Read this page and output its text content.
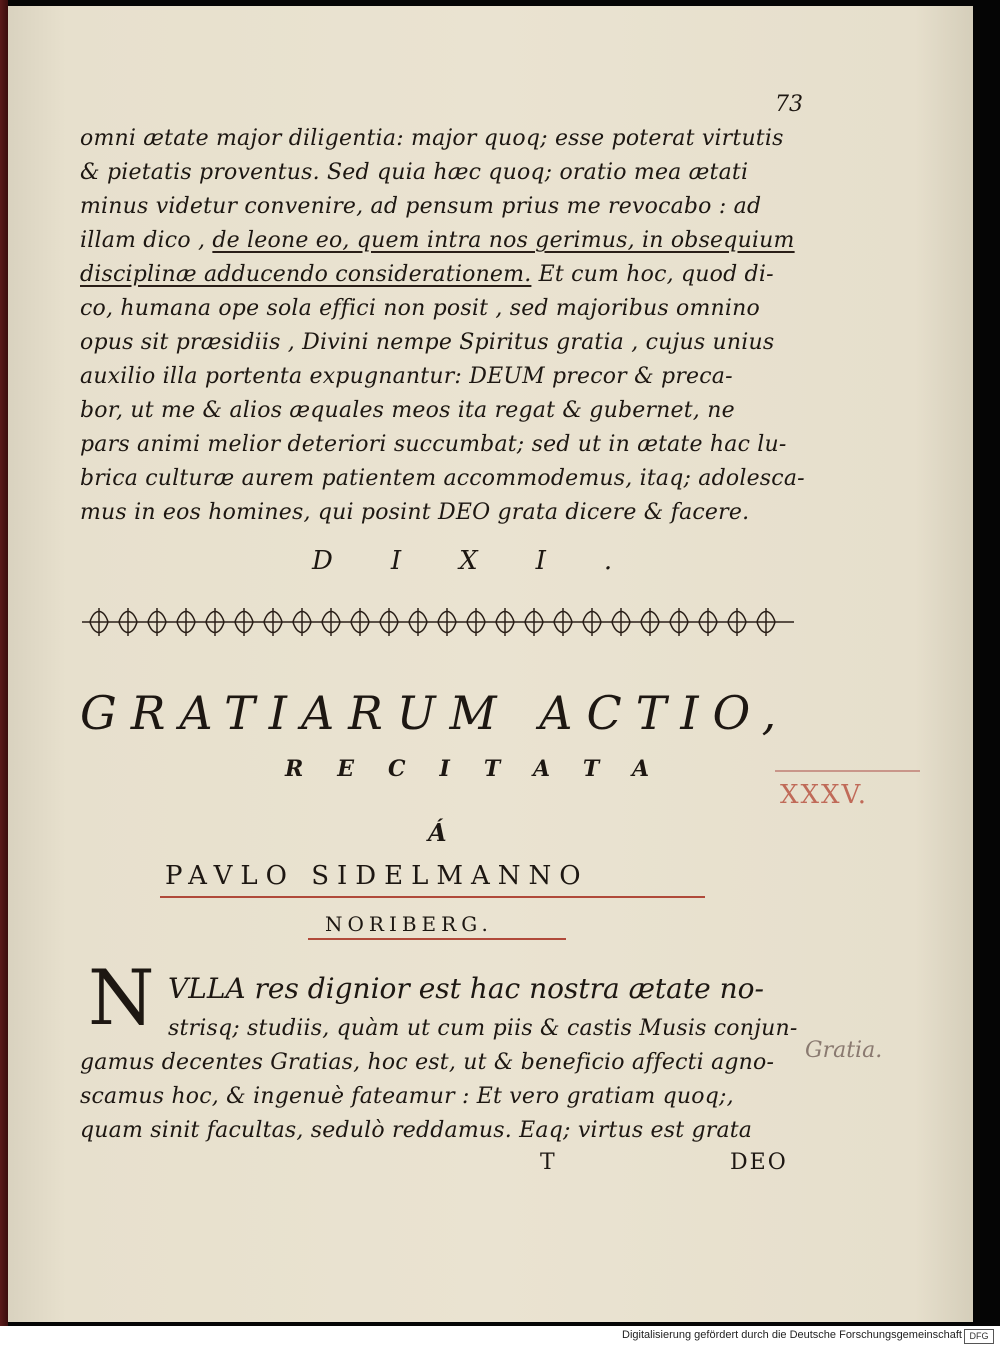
73
omni ætate major diligentia: major quoq; esse poterat virtutis
& pietatis proventus. Sed quia hæc quoq; oratio mea ætati
minus videtur convenire, ad pensum prius me revocabo : ad
illam dico , de leone eo, quem intra nos gerimus, in obsequium
disciplinæ adducendo considerationem. Et cum hoc, quod di-
co, humana ope sola effici non posit , sed majoribus omnino
opus sit præsidiis , Divini nempe Spiritus gratia , cujus unius
auxilio illa portenta expugnantur: DEUM precor & preca-
bor, ut me & alios æquales meos ita regat & gubernet, ne
pars animi melior deteriori succumbat; sed ut in ætate hac lu-
brica culturæ aurem patientem accommodemus, itaq; adolesca-
mus in eos homines, qui posint DEO grata dicere & facere.
DIXI.
GRATIARUM ACTIO,
RECITATA
Á
PAVLO SIDELMANNO
NORIBERG.
XXXV.
N VLLA res dignior est hac nostra ætate no-
strisq; studiis, quàm ut cum piis & castis Musis conjun-
gamus decentes Gratias, hoc est, ut & beneficio affecti agno-
scamus hoc, & ingenuè fateamur : Et vero gratiam quoq;,
quam sinit facultas, sedulò reddamus. Eaq; virtus est grata
Gratia.
T	DEO
Digitalisierung gefördert durch die Deutsche Forschungsgemeinschaft DFG
